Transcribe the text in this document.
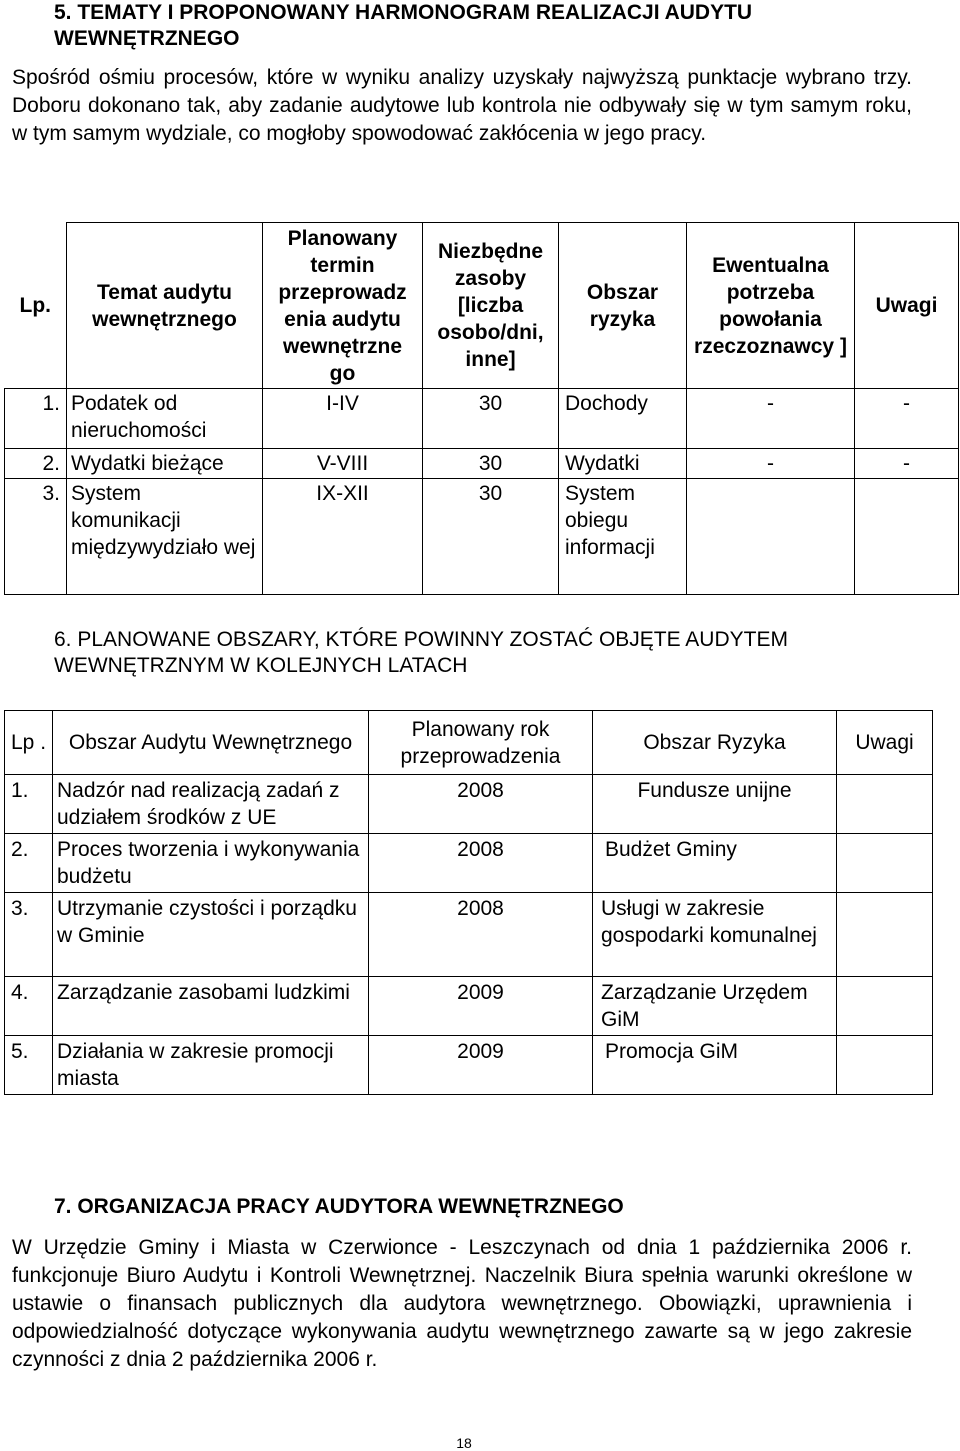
5. TEMATY I PROPONOWANY HARMONOGRAM REALIZACJI AUDYTU
WEWNĘTRZNEGO

Spośród ośmiu procesów, które w wyniku analizy uzyskały najwyższą punktacje wybrano trzy. Doboru dokonano tak, aby zadanie audytowe lub kontrola nie odbywały się w tym samym roku, w tym samym wydziale, co mogłoby spowodować zakłócenia w jego pracy.

Lp.	Temat audytu wewnętrznego	Planowany termin przeprowadz enia audytu wewnętrzne go	Niezbędne zasoby [liczba osobo/dni, inne]	Obszar ryzyka	Ewentualna potrzeba powołania rzeczoznawcy ]	Uwagi
1.	Podatek od nieruchomości	I-IV	30	Dochody	-	-
2.	Wydatki bieżące	V-VIII	30	Wydatki	-	-
3.	System komunikacji międzywydziało wej	IX-XII	30	System obiegu informacji		
6. PLANOWANE OBSZARY, KTÓRE POWINNY ZOSTAĆ OBJĘTE AUDYTEM
WEWNĘTRZNYM W KOLEJNYCH LATACH
Lp .	Obszar Audytu Wewnętrznego	Planowany rok przeprowadzenia	Obszar Ryzyka	Uwagi
1.	Nadzór nad realizacją zadań z udziałem środków z UE	2008	Fundusze unijne	
2.	Proces tworzenia i wykonywania budżetu	2008	Budżet Gminy	
3.	Utrzymanie czystości i porządku w Gminie	2008	Usługi w zakresie gospodarki komunalnej	
4.	Zarządzanie zasobami ludzkimi	2009	Zarządzanie Urzędem GiM	
5.	Działania w zakresie promocji miasta	2009	Promocja GiM	
7. ORGANIZACJA PRACY AUDYTORA WEWNĘTRZNEGO

W Urzędzie Gminy i Miasta w Czerwionce - Leszczynach od dnia 1 października 2006 r. funkcjonuje Biuro Audytu i Kontroli Wewnętrznej. Naczelnik Biura spełnia warunki określone w ustawie o finansach publicznych dla audytora wewnętrznego. Obowiązki, uprawnienia i odpowiedzialność dotyczące wykonywania audytu wewnętrznego zawarte są w jego zakresie czynności z dnia 2 października 2006 r.

18
